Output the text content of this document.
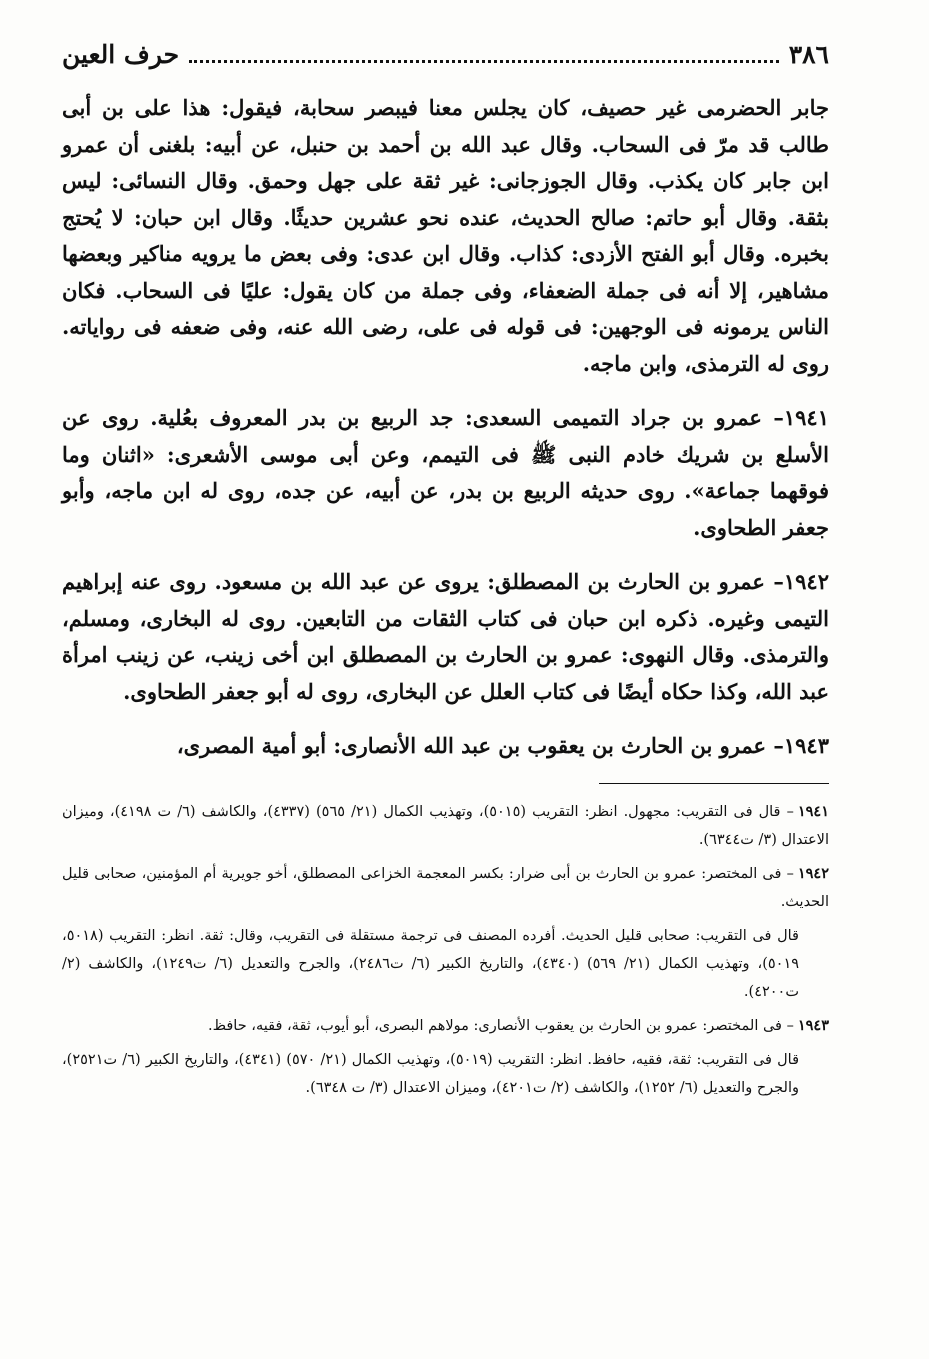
٣٨٦
حرف العين

جابر الحضرمى غير حصيف، كان يجلس معنا فيبصر سحابة، فيقول: هذا على بن أبى طالب قد مرّ فى السحاب. وقال عبد الله بن أحمد بن حنبل، عن أبيه: بلغنى أن عمرو ابن جابر كان يكذب. وقال الجوزجانى: غير ثقة على جهل وحمق. وقال النسائى: ليس بثقة. وقال أبو حاتم: صالح الحديث، عنده نحو عشرين حديثًا. وقال ابن حبان: لا يُحتج بخبره. وقال أبو الفتح الأزدى: كذاب. وقال ابن عدى: وفى بعض ما يرويه مناكير وبعضها مشاهير، إلا أنه فى جملة الضعفاء، وفى جملة من كان يقول: عليًا فى السحاب. فكان الناس يرمونه فى الوجهين: فى قوله فى على، رضى الله عنه، وفى ضعفه فى رواياته. روى له الترمذى، وابن ماجه.

١٩٤١– عمرو بن جراد التميمى السعدى: جد الربيع بن بدر المعروف بعُلية. روى عن الأسلع بن شريك خادم النبى ﷺ فى التيمم، وعن أبى موسى الأشعرى: «اثنان وما فوقهما جماعة». روى حديثه الربيع بن بدر، عن أبيه، عن جده، روى له ابن ماجه، وأبو جعفر الطحاوى.

١٩٤٢– عمرو بن الحارث بن المصطلق: يروى عن عبد الله بن مسعود. روى عنه إبراهيم التيمى وغيره. ذكره ابن حبان فى كتاب الثقات من التابعين. روى له البخارى، ومسلم، والترمذى. وقال النهوى: عمرو بن الحارث بن المصطلق ابن أخى زينب، عن زينب امرأة عبد الله، وكذا حكاه أيضًا فى كتاب العلل عن البخارى، روى له أبو جعفر الطحاوى.

١٩٤٣– عمرو بن الحارث بن يعقوب بن عبد الله الأنصارى: أبو أمية المصرى،

١٩٤١– قال فى التقريب: مجهول. انظر: التقريب (٥٠١٥)، وتهذيب الكمال (٢١/ ٥٦٥) (٤٣٣٧)، والكاشف (٦/ ت ٤١٩٨)، وميزان الاعتدال (٣/ ت٦٣٤٤).

١٩٤٢– فى المختصر: عمرو بن الحارث بن أبى ضرار: بكسر المعجمة الخزاعى المصطلق، أخو جويرية أم المؤمنين، صحابى قليل الحديث.

قال فى التقريب: صحابى قليل الحديث. أفرده المصنف فى ترجمة مستقلة فى التقريب، وقال: ثقة. انظر: التقريب (٥٠١٨، ٥٠١٩)، وتهذيب الكمال (٢١/ ٥٦٩) (٤٣٤٠)، والتاريخ الكبير (٦/ ت٢٤٨٦)، والجرح والتعديل (٦/ ت١٢٤٩)، والكاشف (٢/ ت٤٢٠٠).

١٩٤٣– فى المختصر: عمرو بن الحارث بن يعقوب الأنصارى: مولاهم البصرى، أبو أيوب، ثقة، فقيه، حافظ.

قال فى التقريب: ثقة، فقيه، حافظ. انظر: التقريب (٥٠١٩)، وتهذيب الكمال (٢١/ ٥٧٠) (٤٣٤١)، والتاريخ الكبير (٦/ ت٢٥٢١)، والجرح والتعديل (٦/ ١٢٥٢)، والكاشف (٢/ ت٤٢٠١)، وميزان الاعتدال (٣/ ت ٦٣٤٨).
